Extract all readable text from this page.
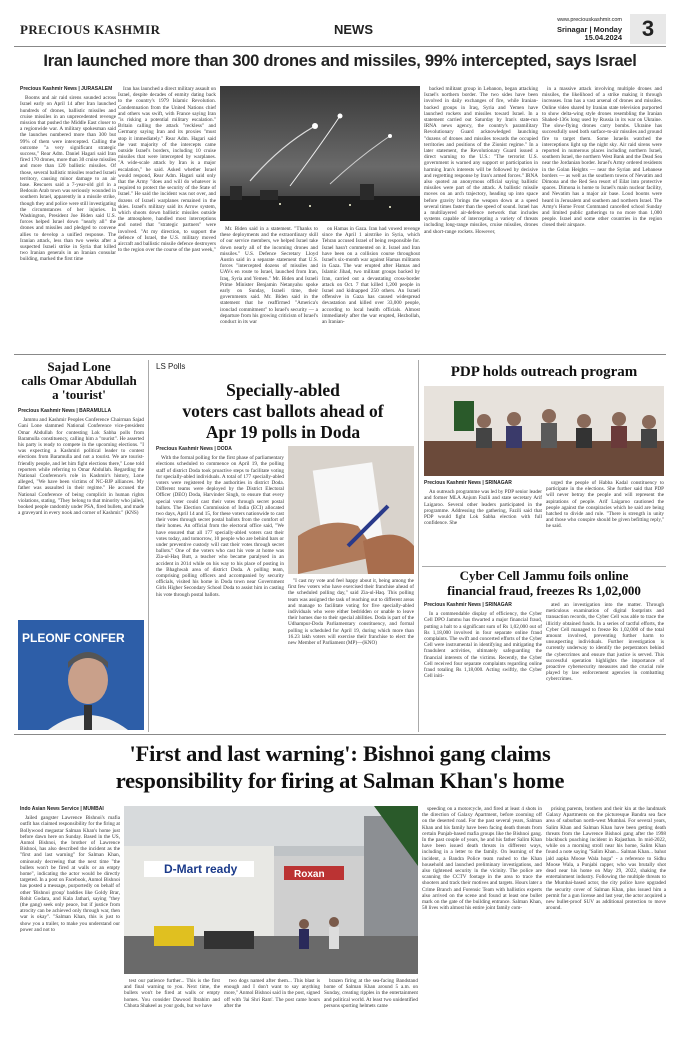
PRECIOUS KASHMIR	NEWS
www.preciouskashmir.com
Srinagar | Monday
15.04.2024 3
Iran launched more than 300 drones and missiles, 99% intercepted, says Israel
Precious Kashmir News | JURASALEM

Booms and air raid sirens sounded across Israel early on April 14 after Iran launched hundreds of drones, ballistic missiles and cruise missiles in an unprecedented revenge mission that pushed the Middle East closer to a regionwide war. A military spokesman said the launches numbered more than 300 but 99% of them were intercepted. Calling the outcome "a very significant strategic success," Rear Adm. Daniel Hagari said Iran fired 170 drones, more than 30 cruise missiles and more than 120 ballistic missiles. Of those, several ballistic missiles reached Israeli territory, causing minor damage to an air base. Rescuers said a 7-year-old girl in a Bedouin Arab town was seriously wounded in southern Israel, apparently in a missile strike, though they and police were still investigating the circumstances of her injuries. In Washington, President Joe Biden said U.S. forces helped Israel down "nearly all" the drones and missiles and pledged to convene allies to develop a unified response. The Iranian attack, less than two weeks after a suspected Israeli strike in Syria that killed two Iranian generals in an Iranian consular building, marked the first time

Iran has launched a direct military assault on Israel, despite decades of enmity dating back to the country's 1979 Islamic Revolution. Condemnation from the United Nations chief and others was swift, with France saying Iran "is risking a potential military escalation." Britain calling the attack "reckless" and Germany saying Iran and its proxies "must stop it immediately." Rear Adm. Hagari said the vast majority of the intercepts came outside Israel's borders, including 10 cruise missiles that were intercepted by warplanes. "A wide-scale attack by Iran is a major escalation," he said. Asked whether Israel would respond, Rear Adm. Hagari said only that the Army "does and will do whatever is required to protect the security of the State of Israel." He said the incident was not over, and dozens of Israeli warplanes remained in the skies. Israel's military said its Arrow system, which shoots down ballistic missiles outside the atmosphere, handled most interceptions and noted that "strategic partners" were involved. "At my direction, to support the defence of Israel, the U.S. military moved aircraft and ballistic missile defence destroyers to the region over the course of the past week,"

Mr. Biden said in a statement. "Thanks to these deployments and the extraordinary skill of our service members, we helped Israel take down nearly all of the incoming drones and missiles." U.S. Defence Secretary Lloyd Austin said in a separate statement that U.S. forces "intercepted dozens of missiles and UAVs en route to Israel, launched from Iran, Iraq, Syria and Yemen." Mr. Biden and Israeli Prime Minister Benjamin Netanyahu spoke early on Sunday, Israeli time, their governments said. Mr. Biden said in the statement that he reaffirmed "America's ironclad commitment" to Israel's security — a departure from his growing criticism of Israel's conduct in its war

on Hamas in Gaza. Iran had vowed revenge since the April 1 airstrike in Syria, which Tehran accused Israel of being responsible for. Israel hasn't commented on it. Israel and Iran have been on a collision course throughout Israel's six-month war against Hamas militants in Gaza. The war erupted after Hamas and Islamic Jihad, two militant groups backed by Iran, carried out a devastating cross-border attack on Oct. 7 that killed 1,200 people in Israel and kidnapped 250 others. An Israeli offensive in Gaza has caused widespread devastation and killed over 33,000 people, according to local health officials. Almost immediately after the war erupted, Hezbollah, an Iranian-

backed militant group in Lebanon, began attacking Israel's northern border. The two sides have been involved in daily exchanges of fire, while Iranian-backed groups in Iraq, Syria and Yemen have launched rockets and missiles toward Israel. In a statement carried out Saturday by Iran's state-run IRNA news agency, the country's paramilitary Revolutionary Guard acknowledged launching "dozens of drones and missiles towards the occupied territories and positions of the Zionist regime." In a later statement, the Revolutionary Guard issued a direct warning to the U.S.: "The terrorist U.S. government is warned any support or participation in harming Iran's interests will be followed by decisive and regretting response by Iran's armed forces." IRNA also quoted an anonymous official saying ballistic missiles were part of the attack. A ballistic missile moves on an arch trajectory, heading up into space before gravity brings the weapon down at a speed several times faster than the speed of sound. Israel has a multilayered air-defence network that includes systems capable of intercepting a variety of threats including long-range missiles, cruise missiles, drones and short-range rockets. However,

in a massive attack involving multiple drones and missiles, the likelihood of a strike making it through increases. Iran has a vast arsenal of drones and missiles. Online video shared by Iranian state television purported to show delta-wing style drones resembling the Iranian Shahed-136s long used by Russia in its war on Ukraine. The slow-flying drones carry bombs. Ukraine has successfully used both surface-to-air missiles and ground fire to target them. Some Israelis watched the interceptions light up the night sky. Air raid sirens were reported in numerous places including northern Israel, southern Israel, the northern West Bank and the Dead Sea near the Jordanian border. Israel's Army ordered residents in the Golan Heights — near the Syrian and Lebanese borders — as well as the southern towns of Nevatim and Dimona and the Red Sea resort of Eilat into protective spaces. Dimona is home to Israel's main nuclear facility, and Nevatim has a major air base. Loud booms were heard in Jerusalem and southern and northern Israel. The Army's Home Front Command cancelled school Sunday and limited public gatherings to no more than 1,000 people. Israel and some other countries in the region closed their airspace.

Sajad Lone
calls Omar Abdullah
a 'tourist'
Precious Kashmir News | BARAMULLA

Jammu and Kashmir Peoples Conference Chairman Sajad Gani Lone slammed National Conference vice-president Omar Abdullah for contesting Lok Sabha polls from Baramulla constituency, calling him a "tourist". He asserted his party is ready to compete in the upcoming elections. "I was expecting a Kashmiri political leader to contest elections from Baramulla and not a tourist. We are tourist-friendly people, and let him fight elections there," Lone told reporters while referring to Omar Abdullah. Regarding the National Conference's role in Kashmir's history, Lone alleged, "We have been victims of NC-BJP alliances. My father was assaulted in their regime." He accused the National Conference of being complicit in human rights violations, stating, "They belong to that minority who jailed, booked people randomly under PSA, fired bullets, and made a graveyard in every nook and corner of Kashmir." (KNS)

PLEONF CONFER
LS Polls
Specially-abled
voters cast ballots ahead of
Apr 19 polls in Doda
Precious Kashmir News | DODA

With the formal polling for the first phase of parliamentary elections scheduled to commence on April 19, the polling staff of district Doda took proactive steps to facilitate voting for specially-abled individuals. A total of 177 specially-abled voters were registered by the authorities in district Doda. Different teams were deployed by the District Electoral Officer (DEO) Doda, Harvinder Singh, to ensure that every special voter could cast their votes through secret postal ballots. The Election Commission of India (ECI) allocated two days, April 14 and 15, for these voters nationwide to cast their votes through secret postal ballots from the comfort of their homes. An official from the electoral office said, "We have ensured that all 177 specially-abled voters cast their votes today, and tomorrow, 10 people who are behind bars or under preventive custody will cast their votes through secret ballots." One of the voters who cast his vote at home was Zia-ul-Haq Butt, a teacher who became paralysed in an accident in 2014 while on his way to his place of posting in the Bhaghwah area of district Doda. A polling team, comprising polling officers and accompanied by security officials, visited his home in Doda town near Government Girls Higher Secondary School Doda to assist him in casting his vote through postal ballots.

"I cast my vote and feel happy about it, being among the first few voters who have exercised their franchise ahead of the scheduled polling day," said Zia-ul-Haq. This polling team was assigned the task of reaching out to different areas and manage to facilitate voting for five specially-abled individuals who were either bedridden or unable to leave their homes due to their special abilities. Doda is part of the Udhampur-Doda Parliamentary constituency, and formal polling is scheduled for April 19, during which more than 16.23 lakh voters will exercise their franchise to elect the new Member of Parliament (MP)—(KNO)

PDP holds outreach program
Precious Kashmir News | SRINAGAR

An outreach programme was led by PDP senior leader and former MLA Anjum Fazili and state secretary Arif Laigaroo. Several other leaders participated in the programme. Addressing the gathering, Fazili said that PDP would fight Lok Sabha election with full confidence. She

urged the people of Habba Kadal constituency to participate in the elections. She further said that PDP will never betray the people and will represent the aspirations of people. Arif Laigaroo cautioned the people against the conspiracies which he said are being hatched to divide and rule. "There is strength in unity and those who conspire should be given befitting reply," he said.

Cyber Cell Jammu foils online
financial fraud, freezes Rs 1,02,000
Precious Kashmir News | SRINAGAR

In a commendable display of efficiency, the Cyber Cell DPO Jammu has thwarted a major financial fraud, putting a halt to a significant sum of Rs 1,02,000 out of Rs 1,18,000 involved in four separate online fraud complaints. The swift and concerted efforts of the Cyber Cell were instrumental in identifying and mitigating the fraudulent activities, ultimately safeguarding the financial interests of the victims. Recently, the Cyber Cell received four separate complaints regarding online fraud totaling Rs 1,18,000. Acting swiftly, the Cyber Cell initi-

ated an investigation into the matter. Through meticulous examination of digital footprints and transaction records, the Cyber Cell was able to trace the illicitly obtained funds. In a series of tactful efforts, the Cyber Cell managed to freeze Rs 1,02,000 of the total amount involved, preventing further harm to unsuspecting individuals. Further investigation is currently underway to identify the perpetrators behind the cybercrimes and ensure that justice is served. This successful operation highlights the importance of proactive cybersecurity measures and the crucial role played by law enforcement agencies in combatting cybercrimes.

'First and last warning': Bishnoi gang claims
responsibility for firing at Salman Khan's home
Indo Asian News Service | MUMBAI

Jailed gangster Lawrence Bishnoi's mafia outfit has claimed responsibility for the firing at Bollywood megastar Salman Khan's home just before dawn here on Sunday. Based in the US, Anmol Bishnoi, the brother of Lawrence Bishnoi, has also described the incident as the "first and last warning" for Salman Khan, ominously decreeing that the next time "the bullets won't be fired at walls or an empty home", indicating the actor would be directly targeted. In a post on Facebook, Anmol Bishnoi has posted a message, purportedly on behalf of other 'Bishnoi group' baddies like Goldy Brar, Rohit Godara, and Kala Jathari, saying "they (the gang) seek only peace, but if justice from atrocity can be achieved only through war, then war is okay". "Salman Khan, this is just to show you a trailer, to make you understand our power and not to

D-Mart ready	Roxan

test our patience further... This is the first and final warning to you. Next time, the bullets won't be fired at walls or empty homes. You consider Dawood Ibrahim and Chhota Shakeel as your gods, but we have

two dogs named after them... This blast is enough and I don't want to say anything more," Anmol Bishnoi said in the post, signed off with 'Jai Shri Ram'. The post came hours after the

brazen firing at the sea-facing Bandstand home of Salman Khan around 5 a.m. on Sunday, creating ripples in the entertainment and political world. At least two unidentified persons sporting helmets came

speeding on a motorcycle, and fired at least 4 shots in the direction of Galaxy Apartment, before zooming off on the deserted road. For the past several years, Salman Khan and his family have been facing death threats from certain Punjab-based mafia groups like the Bishnoi gang. In the past couple of years, he and his father Salim Khan have been issued death threats in different ways, including in a letter to the family. On learning of the incident, a Bandra Police team rushed to the Khan household and launched preliminary investigations, and also tightened security in the vicinity. The police are scanning the CCTV footage in the area to trace the shooters and track their motives and targets. Hours later a Crime Branch and Forensic Team with ballistics experts also arrived on the scene and found at least one bullet mark on the gate of the building entrance. Salman Khan, 58 lives with almost his entire joint family com-

prising parents, brothers and their kin at the landmark Galaxy Apartments on the picturesque Bandra sea face area of suburban north-west Mumbai. For several years, Salim Khan and Salman Khan have been getting death threats from the Lawrence Bishnoi gang after the 1998 blackbuck poaching incident in Rajasthan. In mid-2022, while on a morning stroll near his home, Salim Khan found a note saying "Salim Khan... Salman Khan... bahut jald aapka Moose Wala hoga" - a reference to Sidhu Moose Wala, a Punjabi rapper, who was brutally shot dead near his home on May 29, 2022, shaking the entertainment industry. Following the multiple threats to the Mumbai-based actor, the city police have upgraded the security cover of Salman Khan, plus issued him a permit for a gun license and last year, the actor acquired a new bullet-proof SUV as additional protection to move around.
